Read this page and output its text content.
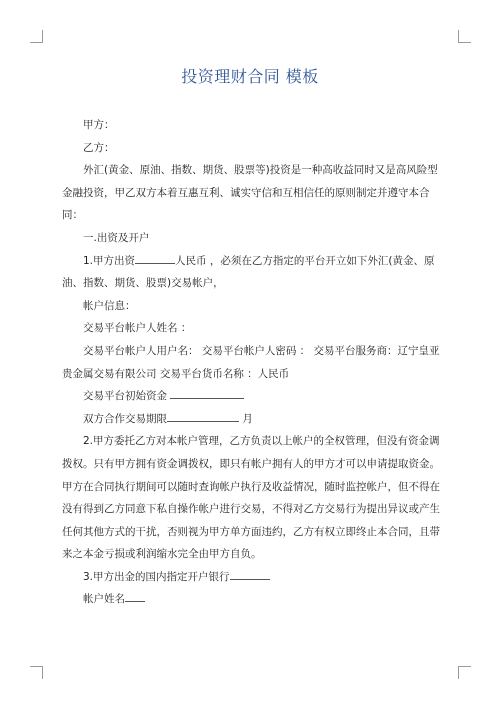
投资理财合同 模板

甲方：

乙方：

外汇(黄金、原油、指数、期货、股票等)投资是一种高收益同时又是高风险型金融投资，甲乙双方本着互惠互利、诚实守信和互相信任的原则制定并遵守本合同：

一.出资及开户

1.甲方出资	人民币 ，必须在乙方指定的平台开立如下外汇(黄金、原油、指数、期货、股票)交易帐户，

帐户信息：

交易平台帐户人姓名 ：

交易平台帐户人用户名： 交易平台帐户人密码 ： 交易平台服务商：辽宁皇亚贵金属交易有限公司 交易平台货币名称 ：人民币

交易平台初始资金

双方合作交易期限	月

2.甲方委托乙方对本帐户管理，乙方负责以上帐户的全权管理，但没有资金调拨权。只有甲方拥有资金调拨权，即只有帐户拥有人的甲方才可以申请提取资金。甲方在合同执行期间可以随时查询帐户执行及收益情况，随时监控帐户，但不得在没有得到乙方同意下私自操作帐户进行交易，不得对乙方交易行为提出异议或产生任何其他方式的干扰，否则视为甲方单方面违约，乙方有权立即终止本合同，且带来之本金亏损或利润缩水完全由甲方自负。

3.甲方出金的国内指定开户银行

帐户姓名
